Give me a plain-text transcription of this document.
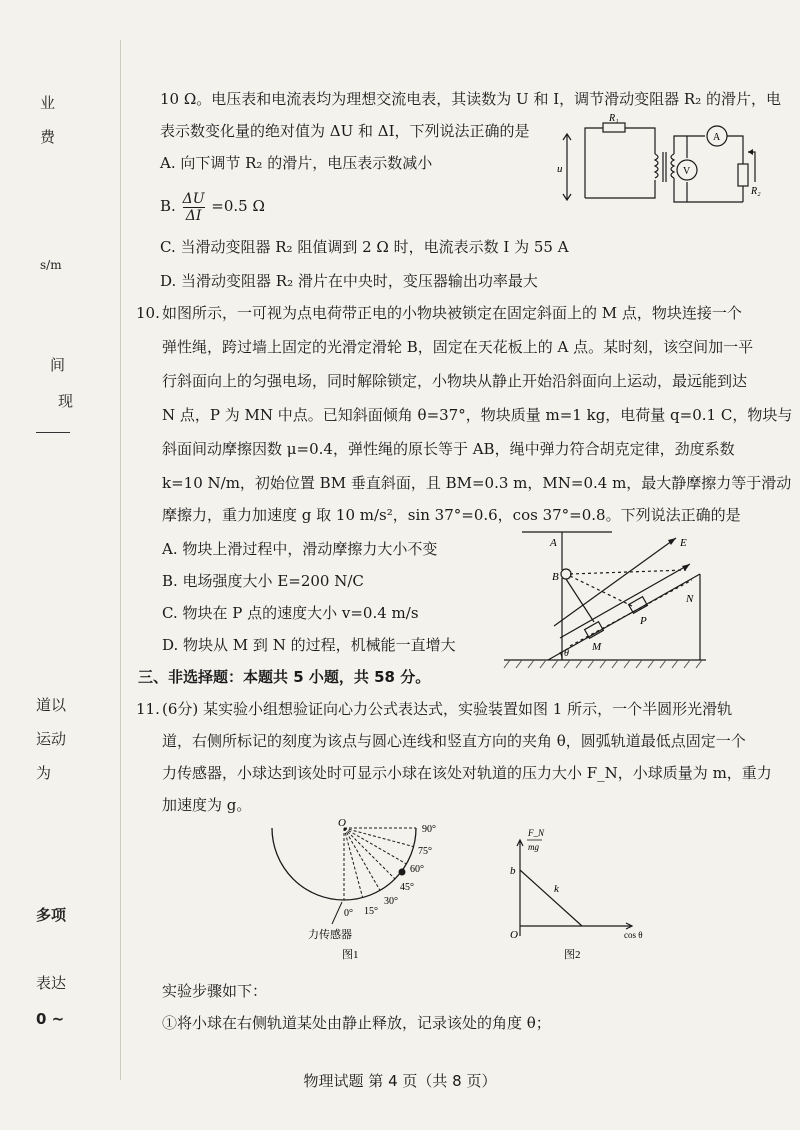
业
费
s/m
间
现
道以
运动
为
多项
表达
0 ~
10 Ω。电压表和电流表均为理想交流电表，其读数为 U 和 I，调节滑动变阻器 R₂ 的滑片，电
表示数变化量的绝对值为 ΔU 和 ΔI，下列说法正确的是
A. 向下调节 R₂ 的滑片，电压表示数减小
B. $\frac{\Delta U}{\Delta I} =0.5$ Ω
C. 当滑动变阻器 R₂ 阻值调到 2 Ω 时，电流表示数 I 为 55 A
D. 当滑动变阻器 R₂ 滑片在中央时，变压器输出功率最大
R₁
u
A
V
R₂
10. 如图所示，一可视为点电荷带正电的小物块被锁定在固定斜面上的 M 点，物块连接一个
弹性绳，跨过墙上固定的光滑定滑轮 B，固定在天花板上的 A 点。某时刻，该空间加一平
行斜面向上的匀强电场，同时解除锁定，小物块从静止开始沿斜面向上运动，最远能到达
N 点，P 为 MN 中点。已知斜面倾角 θ=37°，物块质量 m=1 kg，电荷量 q=0.1 C，物块与
斜面间动摩擦因数 μ=0.4，弹性绳的原长等于 AB，绳中弹力符合胡克定律，劲度系数
k=10 N/m，初始位置 BM 垂直斜面，且 BM=0.3 m，MN=0.4 m，最大静摩擦力等于滑动
摩擦力，重力加速度 g 取 10 m/s²，sin 37°=0.6，cos 37°=0.8。下列说法正确的是
A. 物块上滑过程中，滑动摩擦力大小不变
B. 电场强度大小 E=200 N/C
C. 物块在 P 点的速度大小 v=0.4 m/s
D. 物块从 M 到 N 的过程，机械能一直增大
A
B
E
N
P
M
θ
三、非选择题：本题共 5 小题，共 58 分。
11. (6分) 某实验小组想验证向心力公式表达式，实验装置如图 1 所示，一个半圆形光滑轨
道，右侧所标记的刻度为该点与圆心连线和竖直方向的夹角 θ，圆弧轨道最低点固定一个
力传感器，小球达到该处时可显示小球在该处对轨道的压力大小 F_N，小球质量为 m，重力
加速度为 g。
O
90°
75°
60°
45°
30°
15°
0°
力传感器
图1
F_N
mg
b
k
O	cos θ
图2
实验步骤如下：
①将小球在右侧轨道某处由静止释放，记录该处的角度 θ；
物理试题 第 4 页（共 8 页）
